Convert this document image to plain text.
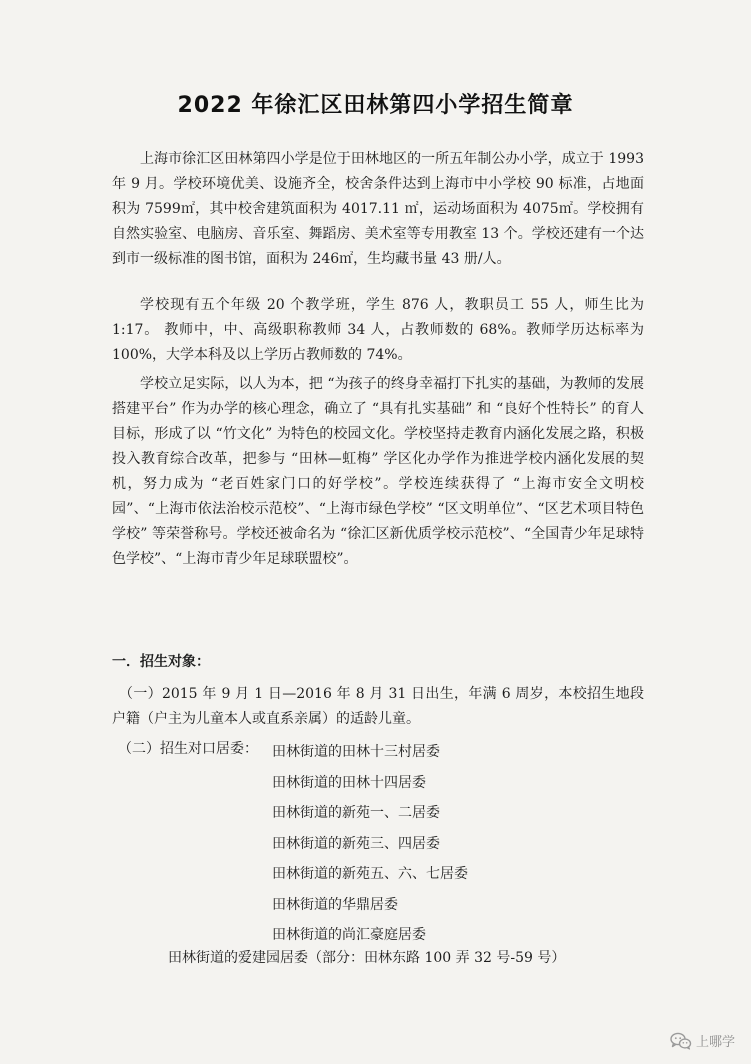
2022 年徐汇区田林第四小学招生简章

上海市徐汇区田林第四小学是位于田林地区的一所五年制公办小学，成立于 1993 年 9 月。学校环境优美、设施齐全，校舍条件达到上海市中小学校 90 标准，占地面积为 7599㎡，其中校舍建筑面积为 4017.11 ㎡，运动场面积为 4075㎡。学校拥有自然实验室、电脑房、音乐室、舞蹈房、美术室等专用教室 13 个。学校还建有一个达到市一级标准的图书馆，面积为 246㎡，生均藏书量 43 册/人。

学校现有五个年级 20 个教学班，学生 876 人，教职员工 55 人，师生比为 1:17。 教师中，中、高级职称教师 34 人，占教师数的 68%。教师学历达标率为 100%，大学本科及以上学历占教师数的 74%。

学校立足实际，以人为本，把 “为孩子的终身幸福打下扎实的基础，为教师的发展搭建平台” 作为办学的核心理念，确立了 “具有扎实基础” 和 “良好个性特长” 的育人目标，形成了以 “竹文化” 为特色的校园文化。学校坚持走教育内涵化发展之路，积极投入教育综合改革，把参与 “田林—虹梅” 学区化办学作为推进学校内涵化发展的契机，努力成为 “老百姓家门口的好学校”。学校连续获得了 “上海市安全文明校园”、“上海市依法治校示范校”、“上海市绿色学校” “区文明单位”、“区艺术项目特色学校” 等荣誉称号。学校还被命名为 “徐汇区新优质学校示范校”、“全国青少年足球特色学校”、“上海市青少年足球联盟校”。

一．招生对象：
（一）2015 年 9 月 1 日—2016 年 8 月 31 日出生，年满 6 周岁，本校招生地段户籍（户主为儿童本人或直系亲属）的适龄儿童。
（二）招生对口居委： 田林街道的田林十三村居委
田林街道的田林十四居委
田林街道的新苑一、二居委
田林街道的新苑三、四居委
田林街道的新苑五、六、七居委
田林街道的华鼎居委
田林街道的尚汇豪庭居委
田林街道的爱建园居委（部分：田林东路 100 弄 32 号-59 号）
上哪学
